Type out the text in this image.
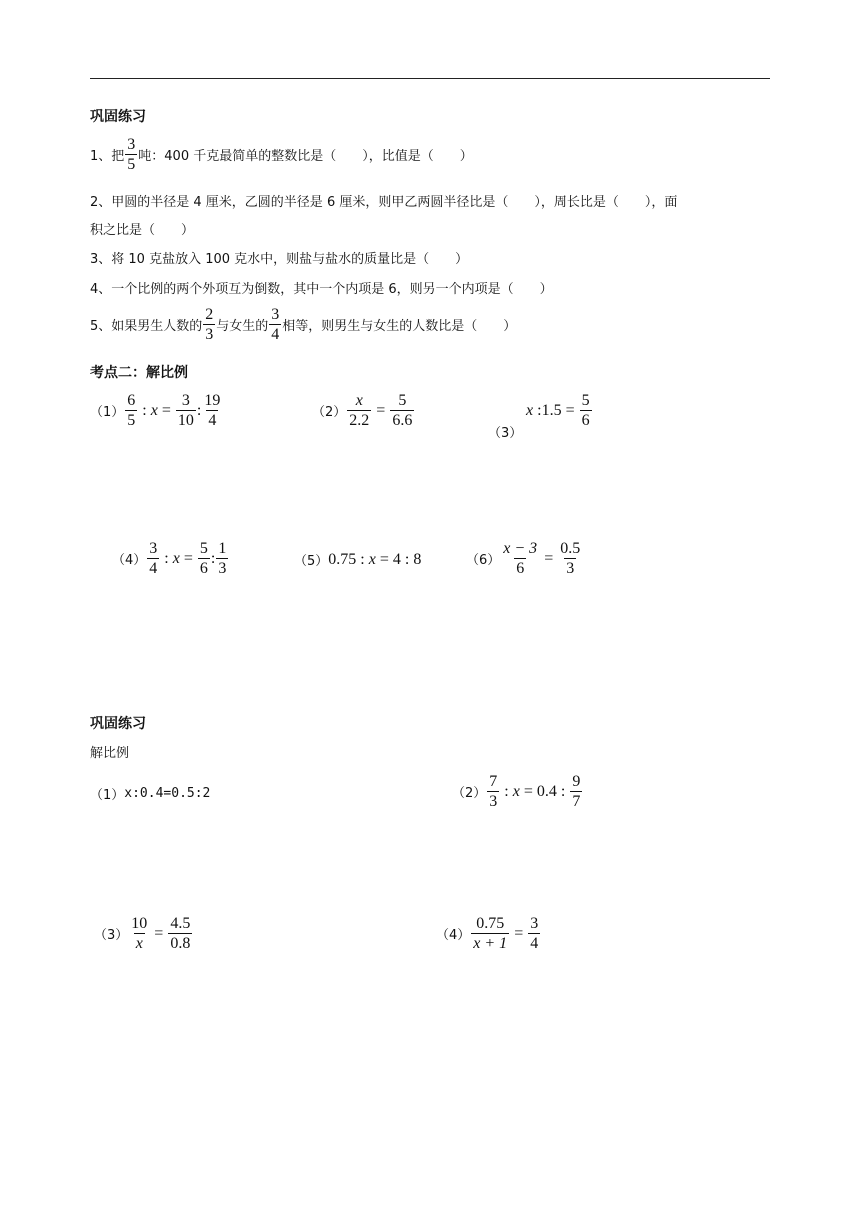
巩固练习
1、把 $\frac{3}{5}$ 吨：400 千克最简单的整数比是（　　），比值是（　　）
2、甲圆的半径是 4 厘米，乙圆的半径是 6 厘米，则甲乙两圆半径比是（　　），周长比是（　　），面
积之比是（　　）
3、将 10 克盐放入 100 克水中，则盐与盐水的质量比是（　　）
4、一个比例的两个外项互为倒数，其中一个内项是 6，则另一个内项是（　　）
5、如果男生人数的 $\frac{2}{3}$ 与女生的 $\frac{3}{4}$ 相等，则男生与女生的人数比是（　　）
考点二：解比例
$(1) \frac{6}{5}$ : $x = \frac{3}{10}$ : $\frac{19}{4}$	$(2) \frac{x}{2.2} = \frac{5}{6.6}$
（3）
x : $1.5 = \frac{5}{6}$
$(4) \frac{3}{4}$ : $x = \frac{5}{6}$ : $\frac{1}{3}$	（5） 0.75 : x = 4 : 8	$(6) \frac{x - 3}{6} = \frac{0.5}{3}$
巩固练习
解比例
（1） x:0.4=0.5:2	$(2) \frac{7}{3}$ : x = 0.4 : $\frac{9}{7}$
$(3) \frac{10}{x} = \frac{4.5}{0.8}$	$(4) \frac{0.75}{x + 1} = \frac{3}{4}$
